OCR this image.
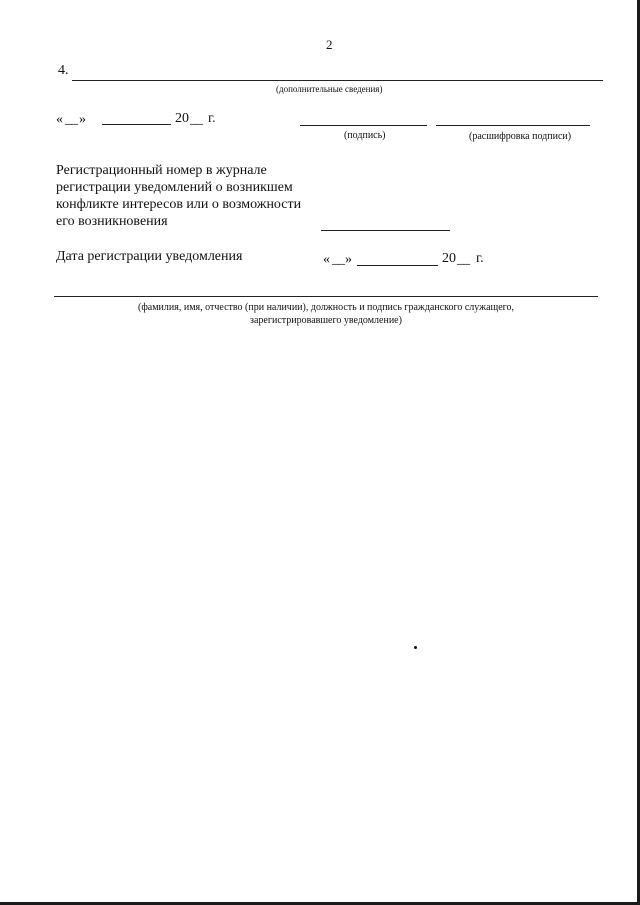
2
4.
(дополнительные сведения)
« __ »	20 __ г.
(подпись)	(расшифровка подписи)
Регистрационный номер в журнале
регистрации уведомлений о возникшем
конфликте интересов или о возможности
его возникновения
Дата регистрации уведомления	« __ »	20 __ г.
(фамилия, имя, отчество (при наличии), должность и подпись гражданского служащего,
зарегистрировавшего уведомление)
